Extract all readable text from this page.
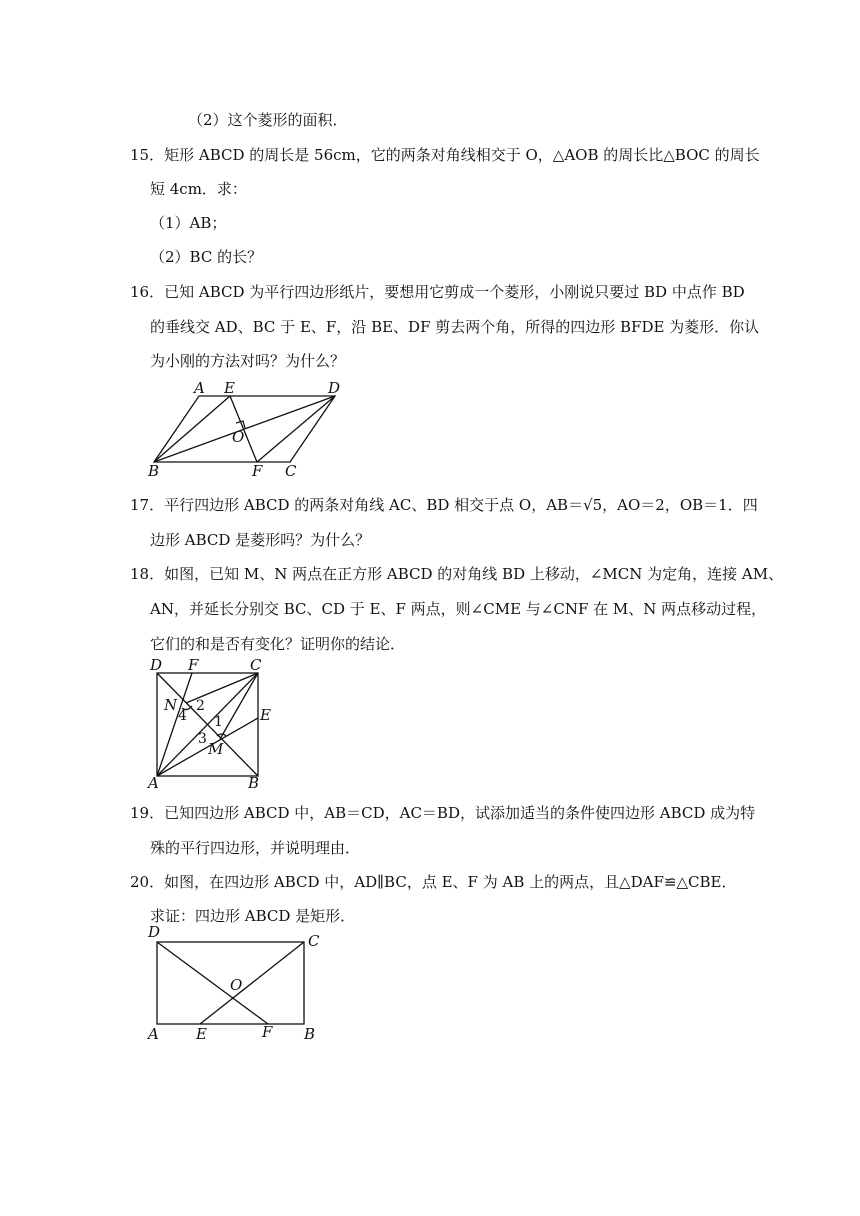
（2）这个菱形的面积．
15．矩形 ABCD 的周长是 56cm，它的两条对角线相交于 O，△AOB 的周长比△BOC 的周长
短 4cm．求：
（1）AB；
（2）BC 的长？
16．已知 ABCD 为平行四边形纸片，要想用它剪成一个菱形，小刚说只要过 BD 中点作 BD
的垂线交 AD、BC 于 E、F，沿 BE、DF 剪去两个角，所得的四边形 BFDE 为菱形．你认
为小刚的方法对吗？为什么？
A E	D
O
B	F C
17．平行四边形 ABCD 的两条对角线 AC、BD 相交于点 O，AB＝√5，AO＝2，OB＝1．四
边形 ABCD 是菱形吗？为什么？
18．如图，已知 M、N 两点在正方形 ABCD 的对角线 BD 上移动，∠MCN 为定角，连接 AM、
AN，并延长分别交 BC、CD 于 E、F 两点，则∠CME 与∠CNF 在 M、N 两点移动过程，
它们的和是否有变化？证明你的结论．
D F	C
N 2
4 1 E
3
M
A	B
19．已知四边形 ABCD 中，AB＝CD，AC＝BD，试添加适当的条件使四边形 ABCD 成为特
殊的平行四边形，并说明理由．
20．如图，在四边形 ABCD 中，AD∥BC，点 E、F 为 AB 上的两点，且△DAF≌△CBE．
求证：四边形 ABCD 是矩形．
D	C
O
A E	F B
